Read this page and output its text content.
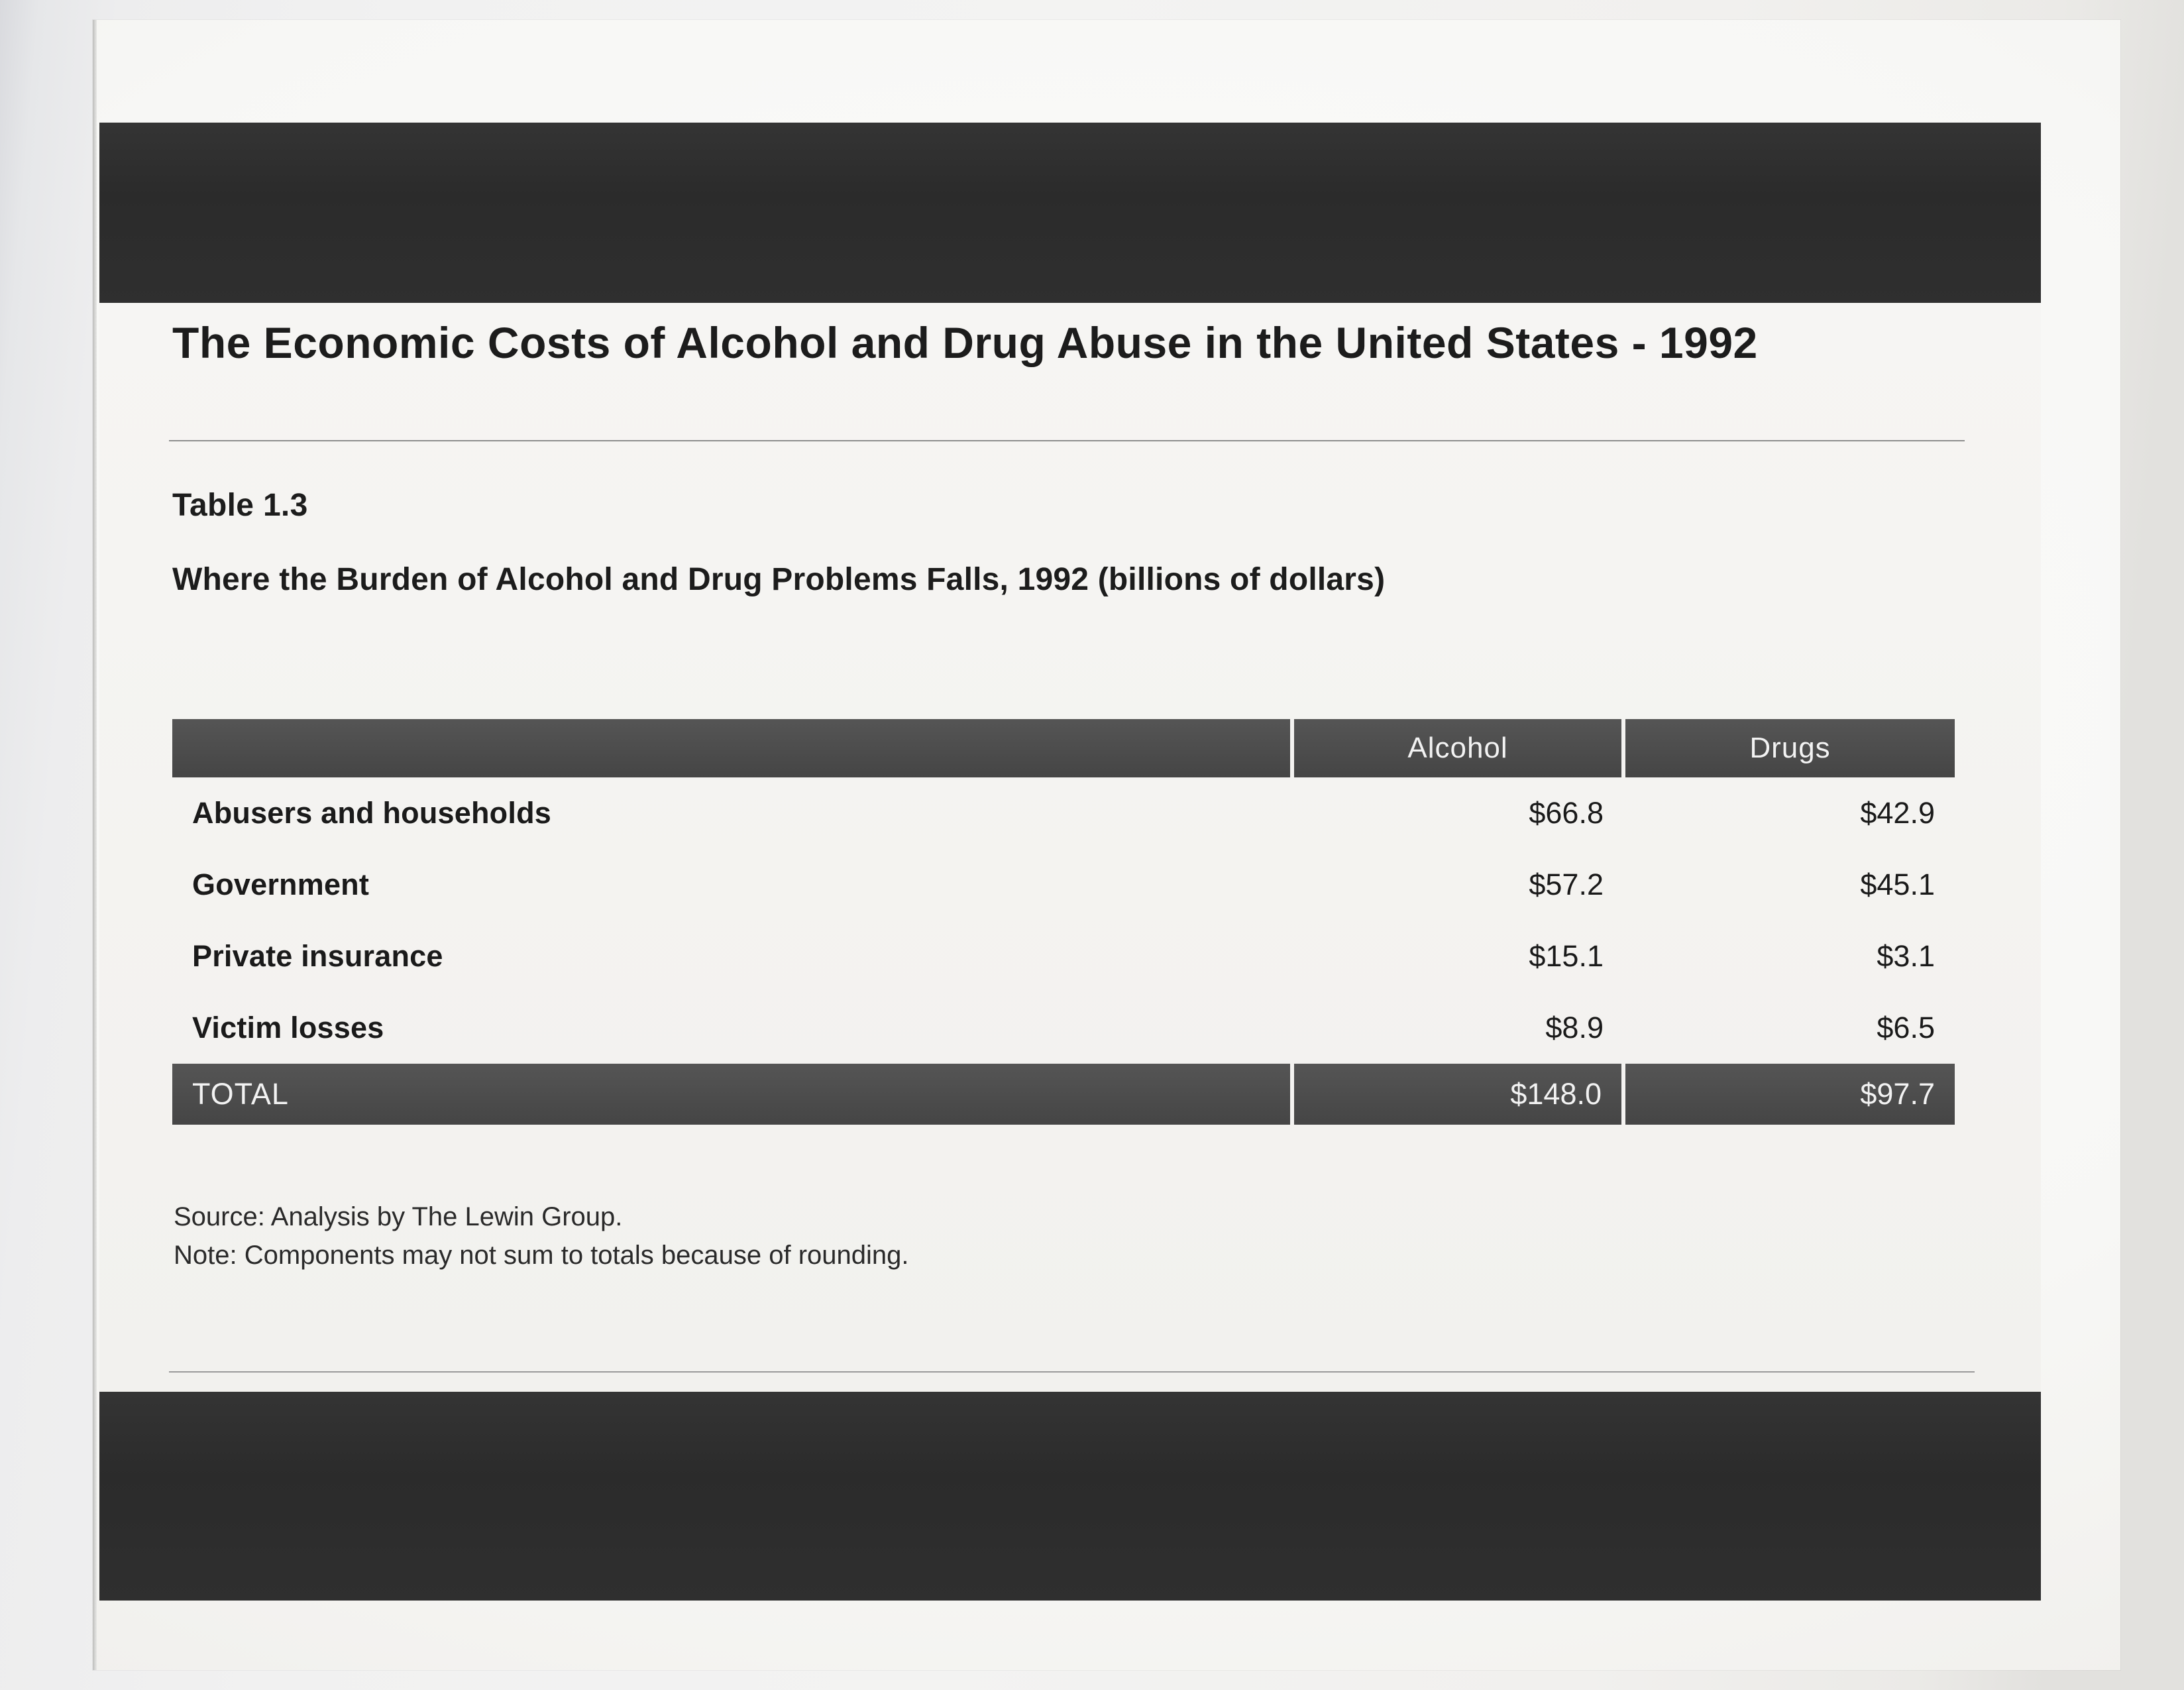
The Economic Costs of Alcohol and Drug Abuse in the United States - 1992
Table 1.3
Where the Burden of Alcohol and Drug Problems Falls, 1992 (billions of dollars)
	Alcohol	Drugs
Abusers and households	$66.8	$42.9
Government	$57.2	$45.1
Private insurance	$15.1	$3.1
Victim losses	$8.9	$6.5
TOTAL	$148.0	$97.7
Source: Analysis by The Lewin Group.
Note: Components may not sum to totals because of rounding.
